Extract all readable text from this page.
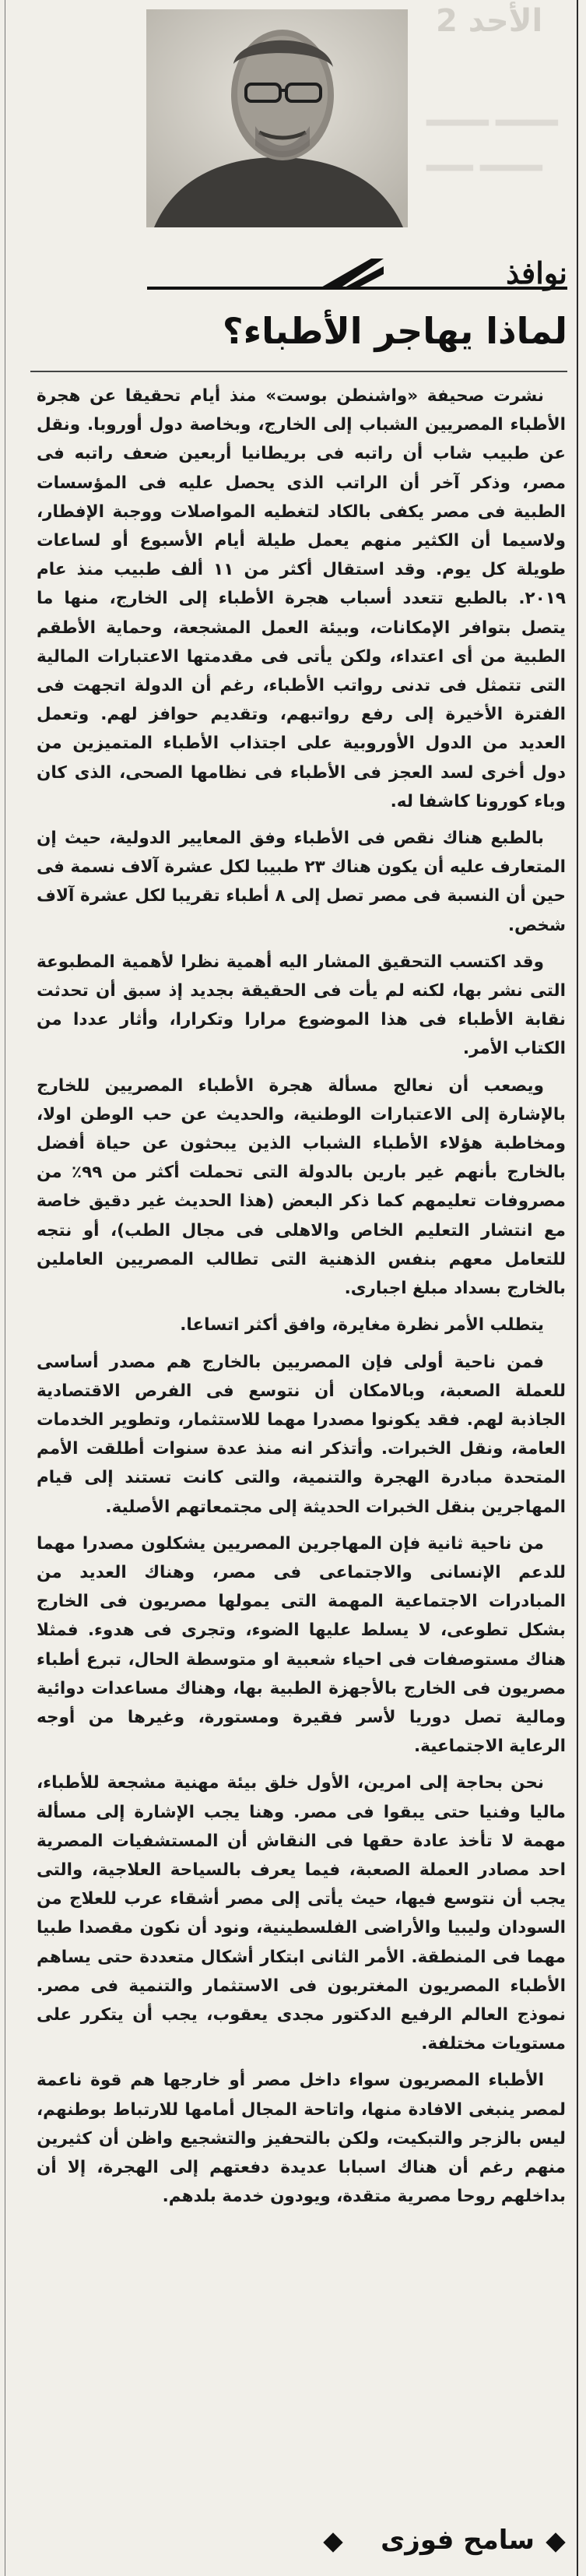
الأحد 2
▂▂▂▂ ▂▂▂▂
▂▂▂ ▂▂▂▂
نوافذ
لماذا يهاجر الأطباء؟

نشرت صحيفة «واشنطن بوست» منذ أيام تحقيقا عن هجرة الأطباء المصريين الشباب إلى الخارج، وبخاصة دول أوروبا. ونقل عن طبيب شاب أن راتبه فى بريطانيا أربعين ضعف راتبه فى مصر، وذكر آخر أن الراتب الذى يحصل عليه فى المؤسسات الطبية فى مصر يكفى بالكاد لتغطيه المواصلات ووجبة الإفطار، ولاسيما أن الكثير منهم يعمل طيلة أيام الأسبوع أو لساعات طويلة كل يوم. وقد استقال أكثر من ١١ ألف طبيب منذ عام ٢٠١٩. بالطبع تتعدد أسباب هجرة الأطباء إلى الخارج، منها ما يتصل بتوافر الإمكانات، وبيئة العمل المشجعة، وحماية الأطقم الطبية من أى اعتداء، ولكن يأتى فى مقدمتها الاعتبارات المالية التى تتمثل فى تدنى رواتب الأطباء، رغم أن الدولة اتجهت فى الفترة الأخيرة إلى رفع رواتبهم، وتقديم حوافز لهم. وتعمل العديد من الدول الأوروبية على اجتذاب الأطباء المتميزين من دول أخرى لسد العجز فى الأطباء فى نظامها الصحى، الذى كان وباء كورونا كاشفا له.

بالطبع هناك نقص فى الأطباء وفق المعايير الدولية، حيث إن المتعارف عليه أن يكون هناك ٢٣ طبيبا لكل عشرة آلاف نسمة فى حين أن النسبة فى مصر تصل إلى ٨ أطباء تقريبا لكل عشرة آلاف شخص.

وقد اكتسب التحقيق المشار اليه أهمية نظرا لأهمية المطبوعة التى نشر بها، لكنه لم يأت فى الحقيقة بجديد إذ سبق أن تحدثت نقابة الأطباء فى هذا الموضوع مرارا وتكرارا، وأثار عددا من الكتاب الأمر.

ويصعب أن نعالج مسألة هجرة الأطباء المصريين للخارج بالإشارة إلى الاعتبارات الوطنية، والحديث عن حب الوطن اولا، ومخاطبة هؤلاء الأطباء الشباب الذين يبحثون عن حياة أفضل بالخارج بأنهم غير بارين بالدولة التى تحملت أكثر من ٩٩٪ من مصروفات تعليمهم كما ذكر البعض (هذا الحديث غير دقيق خاصة مع انتشار التعليم الخاص والاهلى فى مجال الطب)، أو نتجه للتعامل معهم بنفس الذهنية التى تطالب المصريين العاملين بالخارج بسداد مبلغ اجبارى.

يتطلب الأمر نظرة مغايرة، وافق أكثر اتساعا.

فمن ناحية أولى فإن المصريين بالخارج هم مصدر أساسى للعملة الصعبة، وبالامكان أن نتوسع فى الفرص الاقتصادية الجاذبة لهم. فقد يكونوا مصدرا مهما للاستثمار، وتطوير الخدمات العامة، ونقل الخبرات. وأتذكر انه منذ عدة سنوات أطلقت الأمم المتحدة مبادرة الهجرة والتنمية، والتى كانت تستند إلى قيام المهاجرين بنقل الخبرات الحديثة إلى مجتمعاتهم الأصلية.

من ناحية ثانية فإن المهاجرين المصريين يشكلون مصدرا مهما للدعم الإنسانى والاجتماعى فى مصر، وهناك العديد من المبادرات الاجتماعية المهمة التى يمولها مصريون فى الخارج بشكل تطوعى، لا يسلط عليها الضوء، وتجرى فى هدوء. فمثلا هناك مستوصفات فى احياء شعبية او متوسطة الحال، تبرع أطباء مصريون فى الخارج بالأجهزة الطبية بها، وهناك مساعدات دوائية ومالية تصل دوريا لأسر فقيرة ومستورة، وغيرها من أوجه الرعاية الاجتماعية.

نحن بحاجة إلى امرين، الأول خلق بيئة مهنية مشجعة للأطباء، ماليا وفنيا حتى يبقوا فى مصر. وهنا يجب الإشارة إلى مسألة مهمة لا تأخذ عادة حقها فى النقاش أن المستشفيات المصرية احد مصادر العملة الصعبة، فيما يعرف بالسياحة العلاجية، والتى يجب أن نتوسع فيها، حيث يأتى إلى مصر أشقاء عرب للعلاج من السودان وليبيا والأراضى الفلسطينية، ونود أن نكون مقصدا طبيا مهما فى المنطقة. الأمر الثانى ابتكار أشكال متعددة حتى يساهم الأطباء المصريون المغتربون فى الاستثمار والتنمية فى مصر. نموذج العالم الرفيع الدكتور مجدى يعقوب، يجب أن يتكرر على مستويات مختلفة.

الأطباء المصريون سواء داخل مصر أو خارجها هم قوة ناعمة لمصر ينبغى الافادة منها، واتاحة المجال أمامها للارتباط بوطنهم، ليس بالزجر والتبكيت، ولكن بالتحفيز والتشجيع واظن أن كثيرين منهم رغم أن هناك اسبابا عديدة دفعتهم إلى الهجرة، إلا أن بداخلهم روحا مصرية متقدة، ويودون خدمة بلدهم.

سامح فوزى
